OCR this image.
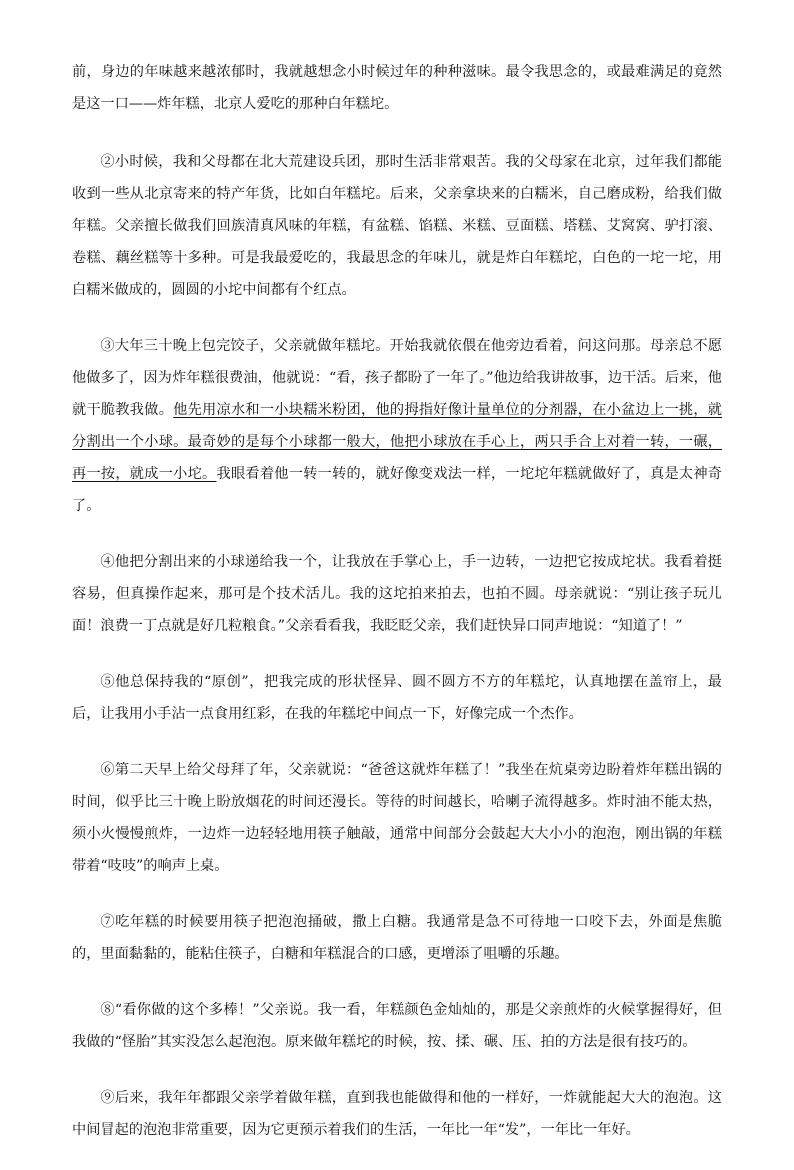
前，身边的年味越来越浓郁时，我就越想念小时候过年的种种滋味。最令我思念的，或最难满足的竟然是这一口——炸年糕，北京人爱吃的那种白年糕坨。

②小时候，我和父母都在北大荒建设兵团，那时生活非常艰苦。我的父母家在北京，过年我们都能收到一些从北京寄来的特产年货，比如白年糕坨。后来，父亲拿块来的白糯米，自己磨成粉，给我们做年糕。父亲擅长做我们回族清真风味的年糕，有盆糕、馅糕、米糕、豆面糕、塔糕、艾窝窝、驴打滚、卷糕、藕丝糕等十多种。可是我最爱吃的，我最思念的年味儿，就是炸白年糕坨，白色的一坨一坨，用白糯米做成的，圆圆的小坨中间都有个红点。

③大年三十晚上包完饺子，父亲就做年糕坨。开始我就依偎在他旁边看着，问这问那。母亲总不愿他做多了，因为炸年糕很费油，他就说：“看，孩子都盼了一年了。”他边给我讲故事，边干活。后来，他就干脆教我做。他先用凉水和一小块糯米粉团，他的拇指好像计量单位的分剂器，在小盆边上一挑，就分割出一个小球。最奇妙的是每个小球都一般大，他把小球放在手心上，两只手合上对着一转，一碾，再一按，就成一小坨。我眼看着他一转一转的，就好像变戏法一样，一坨坨年糕就做好了，真是太神奇了。

④他把分割出来的小球递给我一个，让我放在手掌心上，手一边转，一边把它按成坨状。我看着挺容易，但真操作起来，那可是个技术活儿。我的这坨拍来拍去，也拍不圆。母亲就说：“别让孩子玩儿面！浪费一丁点就是好几粒粮食。”父亲看看我，我眨眨父亲，我们赶快异口同声地说：“知道了！”

⑤他总保持我的“原创”，把我完成的形状怪异、圆不圆方不方的年糕坨，认真地摆在盖帘上，最后，让我用小手沾一点食用红彩，在我的年糕坨中间点一下，好像完成一个杰作。

⑥第二天早上给父母拜了年，父亲就说：“爸爸这就炸年糕了！”我坐在炕桌旁边盼着炸年糕出锅的时间，似乎比三十晚上盼放烟花的时间还漫长。等待的时间越长，哈喇子流得越多。炸时油不能太热，须小火慢慢煎炸，一边炸一边轻轻地用筷子触敲，通常中间部分会鼓起大大小小的泡泡，刚出锅的年糕带着“吱吱”的响声上桌。

⑦吃年糕的时候要用筷子把泡泡捅破，撒上白糖。我通常是急不可待地一口咬下去，外面是焦脆的，里面黏黏的，能粘住筷子，白糖和年糕混合的口感，更增添了咀嚼的乐趣。

⑧“看你做的这个多棒！”父亲说。我一看，年糕颜色金灿灿的，那是父亲煎炸的火候掌握得好，但我做的“怪胎”其实没怎么起泡泡。原来做年糕坨的时候，按、揉、碾、压、拍的方法是很有技巧的。

⑨后来，我年年都跟父亲学着做年糕，直到我也能做得和他的一样好，一炸就能起大大的泡泡。这中间冒起的泡泡非常重要，因为它更预示着我们的生活，一年比一年“发”，一年比一年好。
